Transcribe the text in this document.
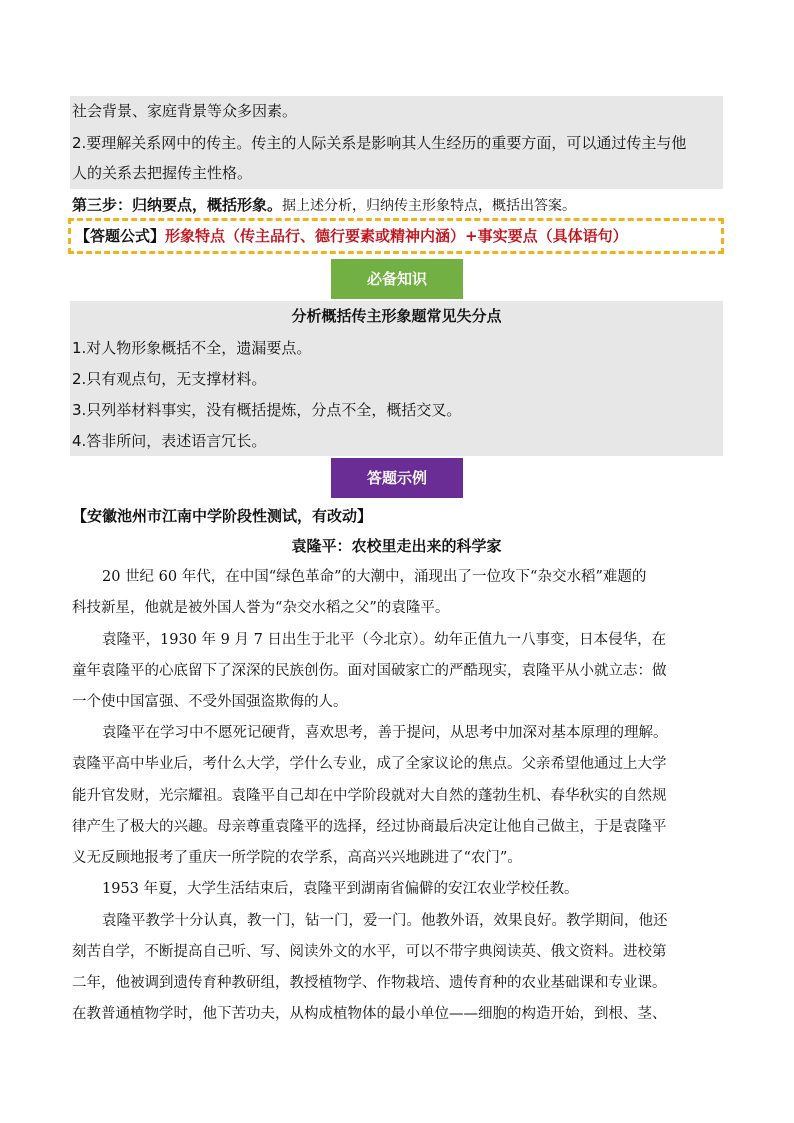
社会背景、家庭背景等众多因素。
2.要理解关系网中的传主。传主的人际关系是影响其人生经历的重要方面，可以通过传主与他
人的关系去把握传主性格。
第三步：归纳要点，概括形象。据上述分析，归纳传主形象特点，概括出答案。
【答题公式】形象特点（传主品行、德行要素或精神内涵）+事实要点（具体语句）
必备知识
分析概括传主形象题常见失分点
1.对人物形象概括不全，遗漏要点。
2.只有观点句，无支撑材料。
3.只列举材料事实，没有概括提炼，分点不全，概括交叉。
4.答非所问，表述语言冗长。
答题示例
【安徽池州市江南中学阶段性测试，有改动】
袁隆平：农校里走出来的科学家
20 世纪 60 年代，在中国“绿色革命”的大潮中，涌现出了一位攻下“杂交水稻”难题的
科技新星，他就是被外国人誉为“杂交水稻之父”的袁隆平。
袁隆平，1930 年 9 月 7 日出生于北平（今北京）。幼年正值九一八事变，日本侵华，在
童年袁隆平的心底留下了深深的民族创伤。面对国破家亡的严酷现实，袁隆平从小就立志：做
一个使中国富强、不受外国强盗欺侮的人。
袁隆平在学习中不愿死记硬背，喜欢思考，善于提问，从思考中加深对基本原理的理解。
袁隆平高中毕业后，考什么大学，学什么专业，成了全家议论的焦点。父亲希望他通过上大学
能升官发财，光宗耀祖。袁隆平自己却在中学阶段就对大自然的蓬勃生机、春华秋实的自然规
律产生了极大的兴趣。母亲尊重袁隆平的选择，经过协商最后决定让他自己做主，于是袁隆平
义无反顾地报考了重庆一所学院的农学系，高高兴兴地跳进了“农门”。
1953 年夏，大学生活结束后，袁隆平到湖南省偏僻的安江农业学校任教。
袁隆平教学十分认真，教一门，钻一门，爱一门。他教外语，效果良好。教学期间，他还
刻苦自学，不断提高自己听、写、阅读外文的水平，可以不带字典阅读英、俄文资料。进校第
二年，他被调到遗传育种教研组，教授植物学、作物栽培、遗传育种的农业基础课和专业课。
在教普通植物学时，他下苦功夫，从构成植物体的最小单位——细胞的构造开始，到根、茎、
